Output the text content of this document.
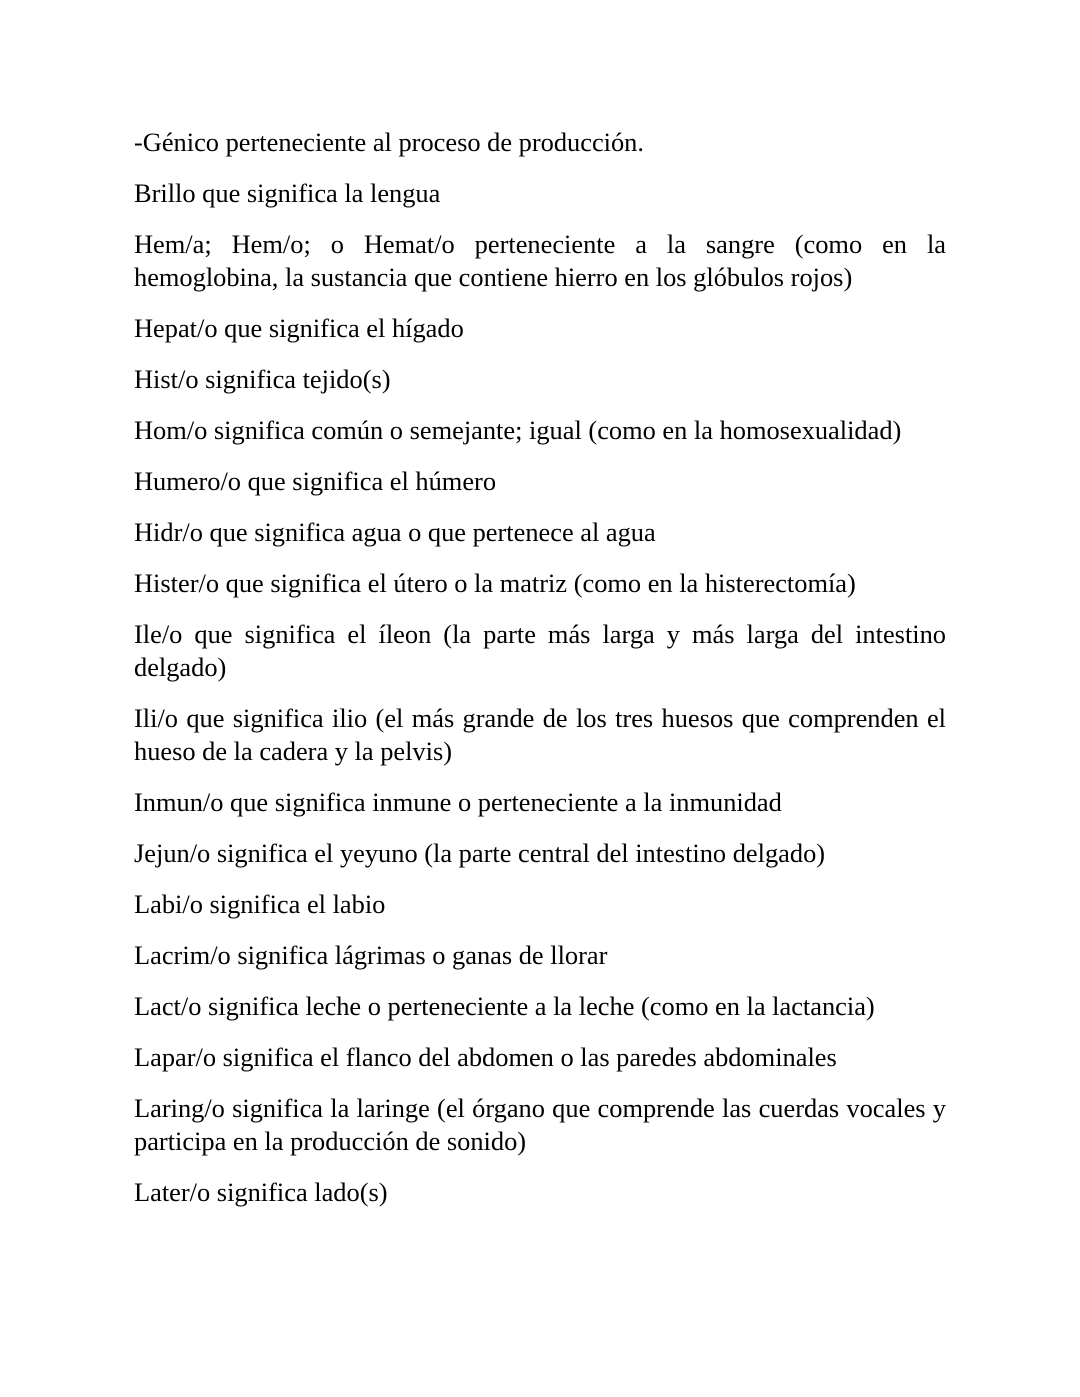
-Génico perteneciente al proceso de producción.

Brillo que significa la lengua

Hem/a; Hem/o; o Hemat/o perteneciente a la sangre (como en la hemoglobina, la sustancia que contiene hierro en los glóbulos rojos)

Hepat/o que significa el hígado

Hist/o significa tejido(s)

Hom/o significa común o semejante; igual (como en la homosexualidad)

Humero/o que significa el húmero

Hidr/o que significa agua o que pertenece al agua

Hister/o que significa el útero o la matriz (como en la histerectomía)

Ile/o que significa el íleon (la parte más larga y más larga del intestino delgado)

Ili/o que significa ilio (el más grande de los tres huesos que comprenden el hueso de la cadera y la pelvis)

Inmun/o que significa inmune o perteneciente a la inmunidad

Jejun/o significa el yeyuno (la parte central del intestino delgado)

Labi/o significa el labio

Lacrim/o significa lágrimas o ganas de llorar

Lact/o significa leche o perteneciente a la leche (como en la lactancia)

Lapar/o significa el flanco del abdomen o las paredes abdominales

Laring/o significa la laringe (el órgano que comprende las cuerdas vocales y participa en la producción de sonido)

Later/o significa lado(s)
